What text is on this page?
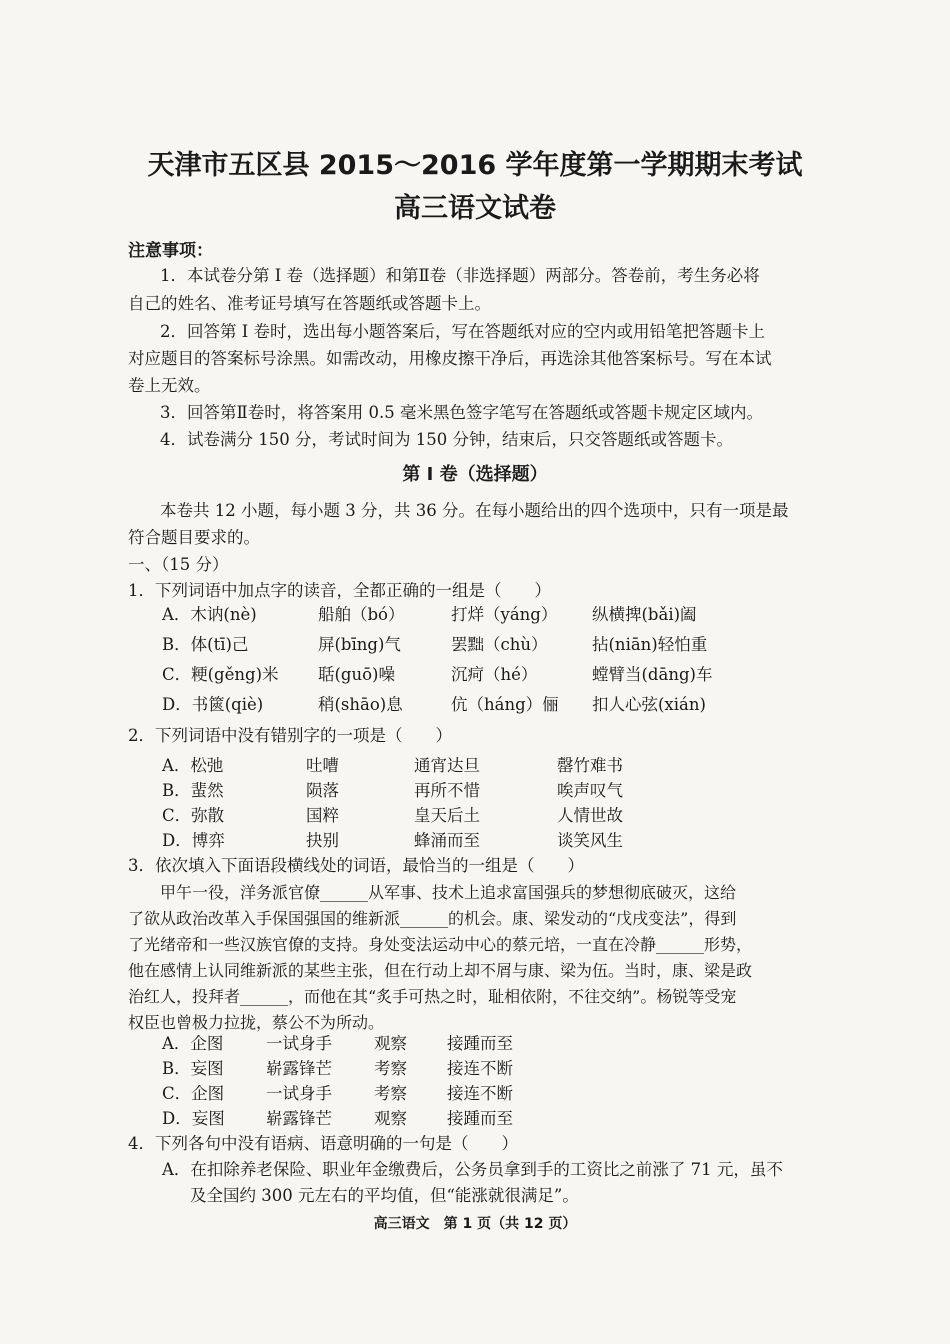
天津市五区县 2015～2016 学年度第一学期期末考试
高三语文试卷
注意事项：
1．本试卷分第 I 卷（选择题）和第Ⅱ卷（非选择题）两部分。答卷前，考生务必将
自己的姓名、准考证号填写在答题纸或答题卡上。
2．回答第 I 卷时，选出每小题答案后，写在答题纸对应的空内或用铅笔把答题卡上
对应题目的答案标号涂黑。如需改动，用橡皮擦干净后，再选涂其他答案标号。写在本试
卷上无效。
3．回答第Ⅱ卷时，将答案用 0.5 毫米黑色签字笔写在答题纸或答题卡规定区域内。
4．试卷满分 150 分，考试时间为 150 分钟，结束后，只交答题纸或答题卡。
第 I 卷（选择题）
本卷共 12 小题，每小题 3 分，共 36 分。在每小题给出的四个选项中，只有一项是最
符合题目要求的。
一、（15 分）
1．下列词语中加点字的读音，全都正确的一组是（　　）
A．木讷(nè)	船舶（bó）	打烊（yáng） 纵横捭(bǎi)阖
B．体(tī)己	屏(bīng)气	罢黜（chù）	拈(niān)轻怕重
C．粳(gěng)米 聒(guō)噪	沉疴（hé）	螳臂当(dāng)车
D．书篋(qiè)	稍(shāo)息	伉（háng）俪 扣人心弦(xián)
2．下列词语中没有错别字的一项是（　　）
A．松弛	吐嘈	通宵达旦	罄竹难书
B．蜚然	陨落	再所不惜	唉声叹气
C．弥散	国粹	皇天后土	人情世故
D．博弈	抉别	蜂涌而至	谈笑风生
3．依次填入下面语段横线处的词语，最恰当的一组是（　　）
甲午一役，洋务派官僚______从军事、技术上追求富国强兵的梦想彻底破灭，这给
了欲从政治改革入手保国强国的维新派______的机会。康、梁发动的“戊戌变法”，得到
了光绪帝和一些汉族官僚的支持。身处变法运动中心的蔡元培，一直在冷静______形势，
他在感情上认同维新派的某些主张，但在行动上却不屑与康、梁为伍。当时，康、梁是政
治红人，投拜者______，而他在其“炙手可热之时，耻相依附，不往交纳”。杨锐等受宠
权臣也曾极力拉拢，蔡公不为所动。
A．企图	一试身手	观察 接踵而至
B．妄图	崭露锋芒	考察 接连不断
C．企图	一试身手	考察 接连不断
D．妄图	崭露锋芒	观察 接踵而至
4．下列各句中没有语病、语意明确的一句是（　　）
A．在扣除养老保险、职业年金缴费后，公务员拿到手的工资比之前涨了 71 元，虽不
及全国约 300 元左右的平均值，但“能涨就很满足”。
高三语文　第 1 页（共 12 页）
